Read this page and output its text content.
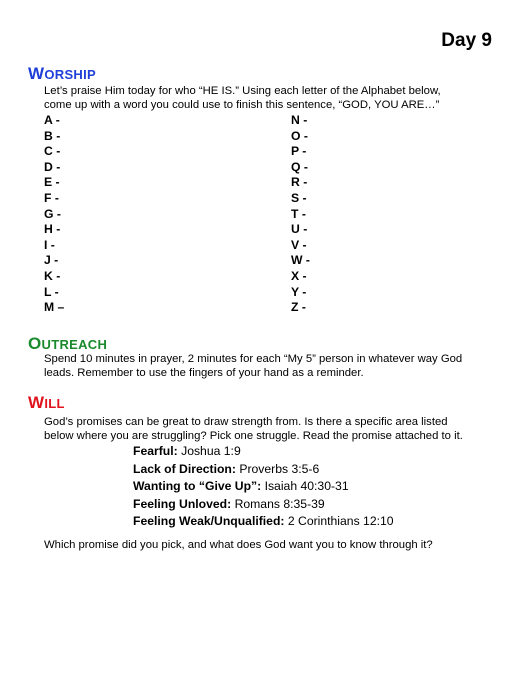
Day 9
WORSHIP
Let’s praise Him today for who “HE IS.” Using each letter of the Alphabet below,
come up with a word you could use to finish this sentence, “GOD, YOU ARE…”
A -
B -
C -
D -
E -
F -
G -
H -
I -
J -
K -
L -
M –
N -
O -
P -
Q -
R -
S -
T -
U -
V -
W -
X -
Y -
Z -
OUTREACH
Spend 10 minutes in prayer, 2 minutes for each “My 5” person in whatever way God
leads. Remember to use the fingers of your hand as a reminder.
WILL
God’s promises can be great to draw strength from. Is there a specific area listed
below where you are struggling? Pick one struggle. Read the promise attached to it.
Fearful: Joshua 1:9
Lack of Direction: Proverbs 3:5-6
Wanting to “Give Up”: Isaiah 40:30-31
Feeling Unloved: Romans 8:35-39
Feeling Weak/Unqualified: 2 Corinthians 12:10
Which promise did you pick, and what does God want you to know through it?
